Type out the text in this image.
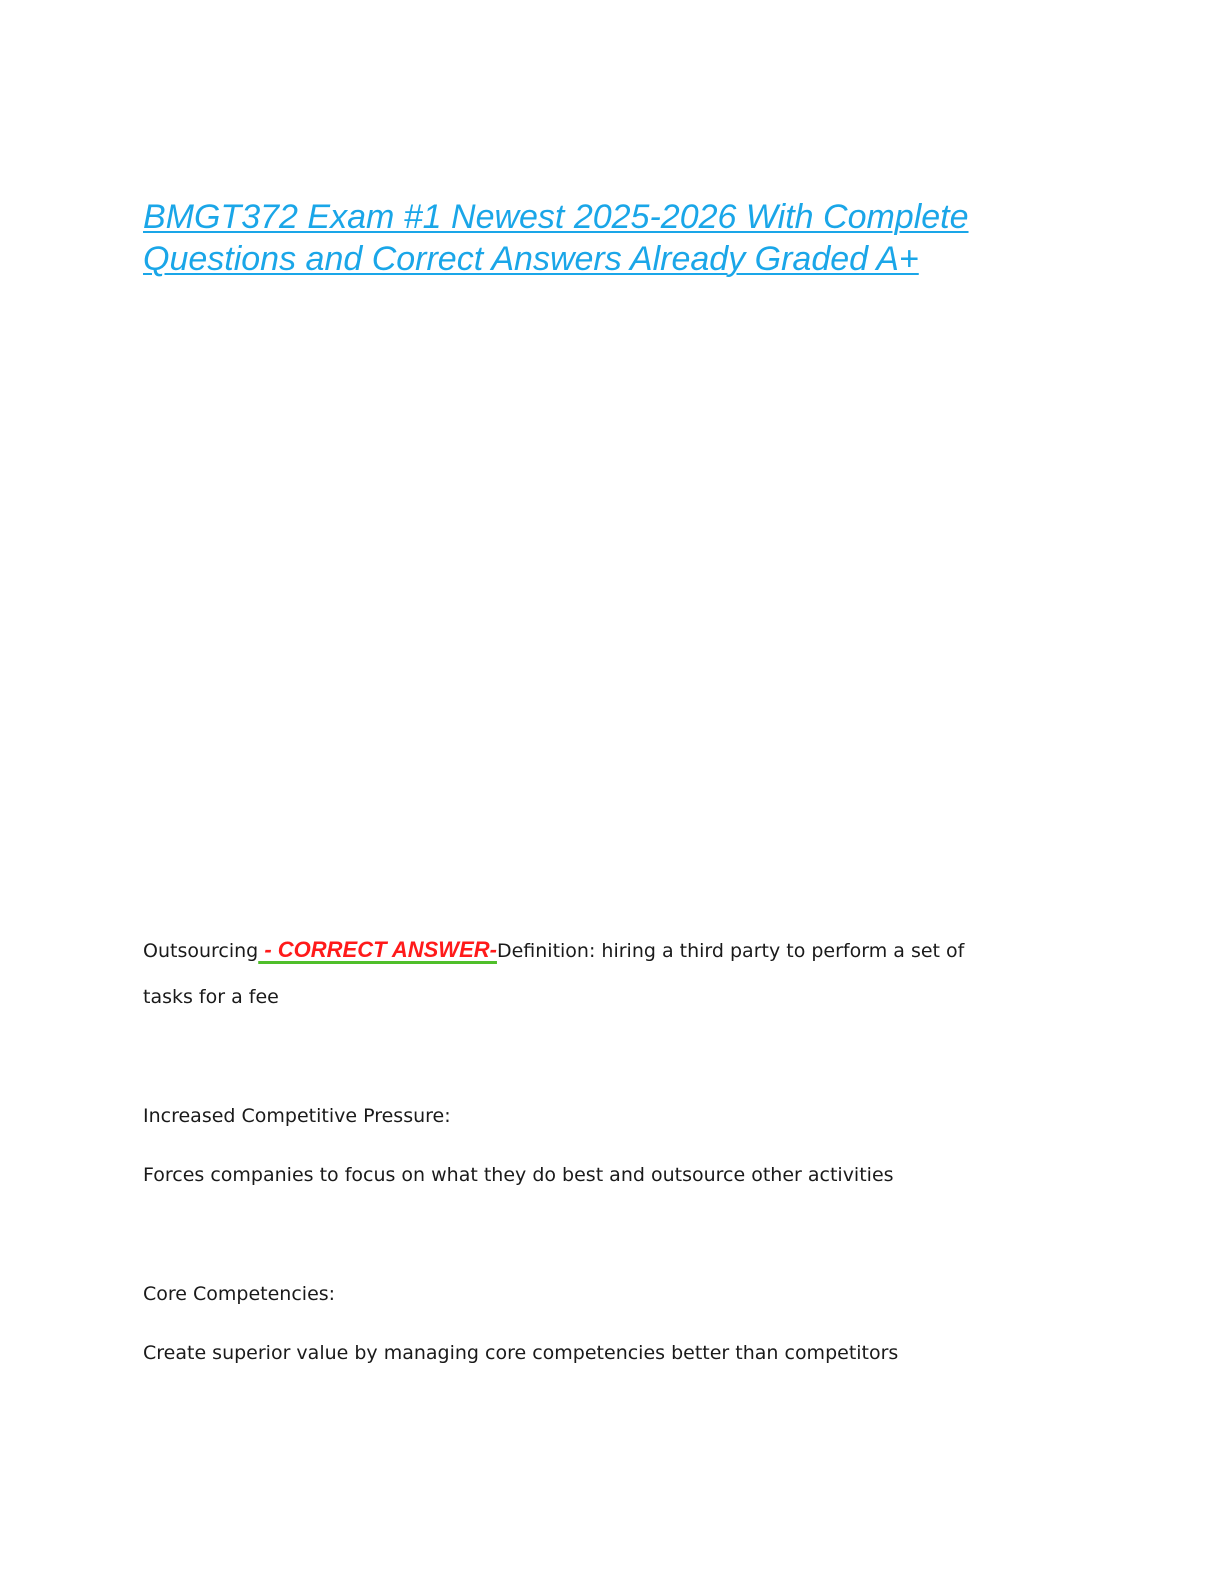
BMGT372 Exam #1 Newest 2025-2026 With Complete Questions and Correct Answers Already Graded A+

Outsourcing - CORRECT ANSWER-Definition: hiring a third party to perform a set of

tasks for a fee

Increased Competitive Pressure:

Forces companies to focus on what they do best and outsource other activities

Core Competencies:

Create superior value by managing core competencies better than competitors
